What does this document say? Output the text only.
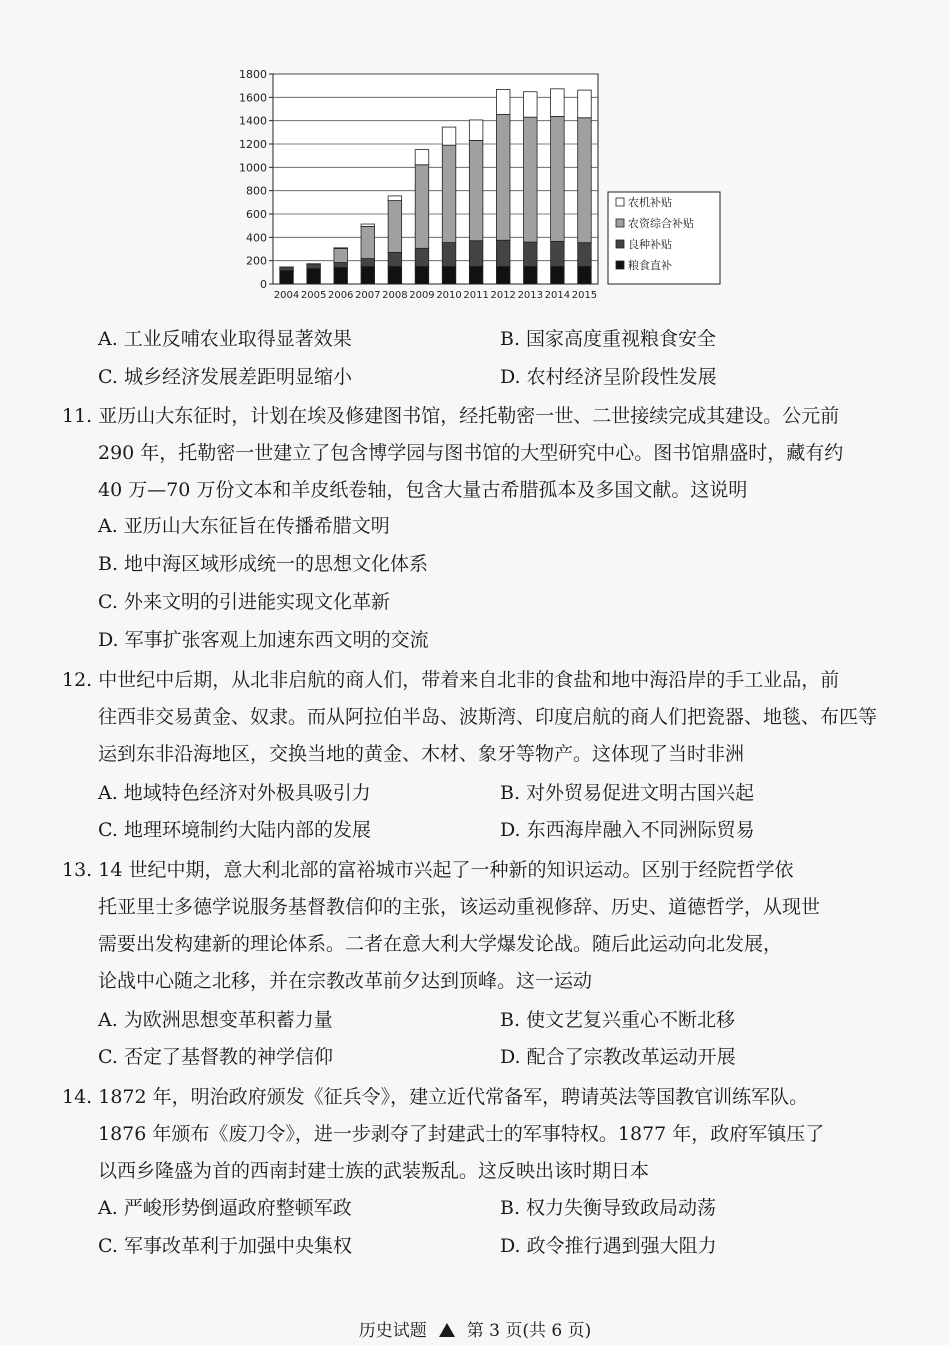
0
200
400
600
800
1000
1200
1400
1600
1800
2004 2005 2006 2007 2008 2009 2010 2011 2012 2013 2014 2015
农机补贴
农资综合补贴
良种补贴
粮食直补
A. 工业反哺农业取得显著效果	B. 国家高度重视粮食安全
C. 城乡经济发展差距明显缩小	D. 农村经济呈阶段性发展
11. 亚历山大东征时，计划在埃及修建图书馆，经托勒密一世、二世接续完成其建设。公元前
290 年，托勒密一世建立了包含博学园与图书馆的大型研究中心。图书馆鼎盛时，藏有约
40 万—70 万份文本和羊皮纸卷轴，包含大量古希腊孤本及多国文献。这说明
A. 亚历山大东征旨在传播希腊文明
B. 地中海区域形成统一的思想文化体系
C. 外来文明的引进能实现文化革新
D. 军事扩张客观上加速东西文明的交流
12. 中世纪中后期，从北非启航的商人们，带着来自北非的食盐和地中海沿岸的手工业品，前
往西非交易黄金、奴隶。而从阿拉伯半岛、波斯湾、印度启航的商人们把瓷器、地毯、布匹等
运到东非沿海地区，交换当地的黄金、木材、象牙等物产。这体现了当时非洲
A. 地域特色经济对外极具吸引力	B. 对外贸易促进文明古国兴起
C. 地理环境制约大陆内部的发展	D. 东西海岸融入不同洲际贸易
13. 14 世纪中期，意大利北部的富裕城市兴起了一种新的知识运动。区别于经院哲学依
托亚里士多德学说服务基督教信仰的主张，该运动重视修辞、历史、道德哲学，从现世
需要出发构建新的理论体系。二者在意大利大学爆发论战。随后此运动向北发展，
论战中心随之北移，并在宗教改革前夕达到顶峰。这一运动
A. 为欧洲思想变革积蓄力量	B. 使文艺复兴重心不断北移
C. 否定了基督教的神学信仰	D. 配合了宗教改革运动开展
14. 1872 年，明治政府颁发《征兵令》，建立近代常备军，聘请英法等国教官训练军队。
1876 年颁布《废刀令》，进一步剥夺了封建武士的军事特权。1877 年，政府军镇压了
以西乡隆盛为首的西南封建士族的武装叛乱。这反映出该时期日本
A. 严峻形势倒逼政府整顿军政	B. 权力失衡导致政局动荡
C. 军事改革利于加强中央集权	D. 政令推行遇到强大阻力
历史试题 第 3 页(共 6 页)
